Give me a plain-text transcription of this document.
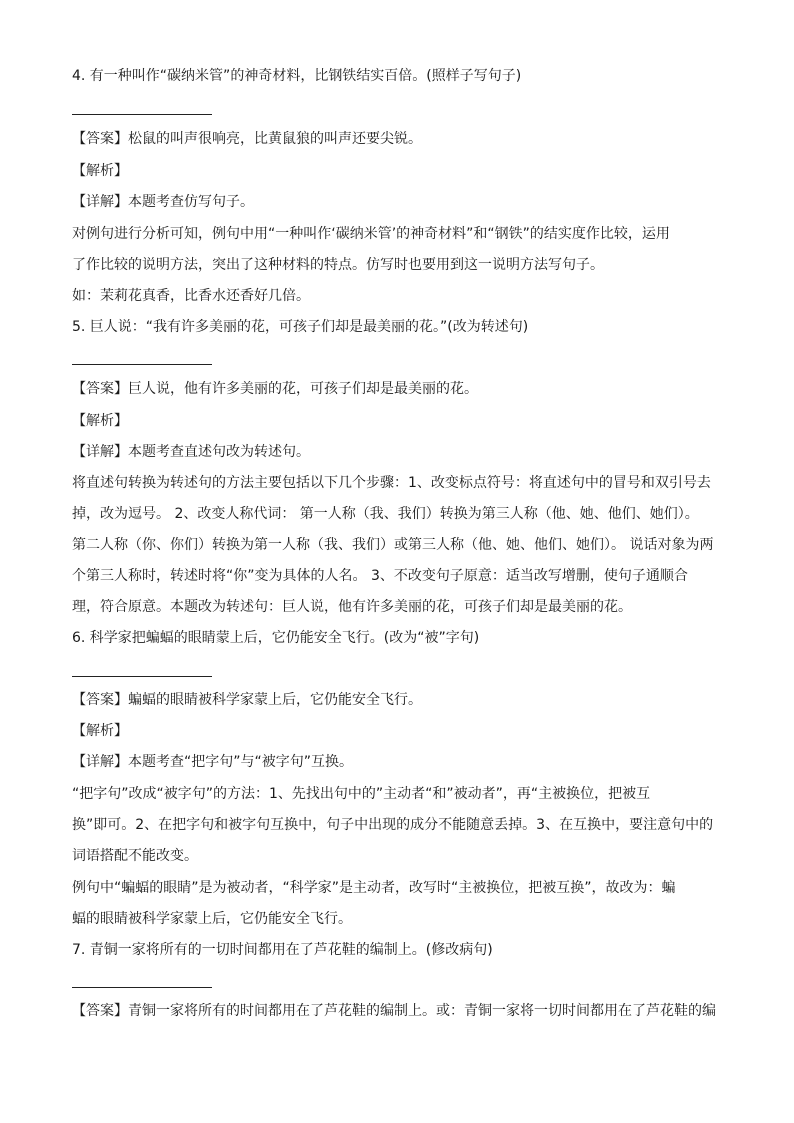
4. 有一种叫作“碳纳米管”的神奇材料，比钢铁结实百倍。(照样子写句子)
【答案】松鼠的叫声很响亮，比黄鼠狼的叫声还要尖锐。
【解析】
【详解】本题考查仿写句子。
对例句进行分析可知，例句中用“一种叫作‘碳纳米管’的神奇材料”和“钢铁”的结实度作比较，运用
了作比较的说明方法，突出了这种材料的特点。仿写时也要用到这一说明方法写句子。
如：茉莉花真香，比香水还香好几倍。
5. 巨人说：“我有许多美丽的花，可孩子们却是最美丽的花。”(改为转述句)
【答案】巨人说，他有许多美丽的花，可孩子们却是最美丽的花。
【解析】
【详解】本题考查直述句改为转述句。
将直述句转换为转述句的方法主要包括以下几个步骤：1、改变标点符号：将直述句中的冒号和双引号去
掉，改为逗号。 2、改变人称代词： 第一人称（我、我们）转换为第三人称（他、她、他们、她们）。
第二人称（你、你们）转换为第一人称（我、我们）或第三人称（他、她、他们、她们）。 说话对象为两
个第三人称时，转述时将“你”变为具体的人名。 3、不改变句子原意：适当改写增删，使句子通顺合
理，符合原意。本题改为转述句：巨人说，他有许多美丽的花，可孩子们却是最美丽的花。
6. 科学家把蝙蝠的眼睛蒙上后，它仍能安全飞行。(改为“被”字句)
【答案】蝙蝠的眼睛被科学家蒙上后，它仍能安全飞行。
【解析】
【详解】本题考查“把字句”与“被字句”互换。
“把字句”改成“被字句”的方法：1、先找出句中的”主动者“和”被动者”，再“主被换位，把被互
换”即可。2、在把字句和被字句互换中，句子中出现的成分不能随意丢掉。3、在互换中，要注意句中的
词语搭配不能改变。
例句中“蝙蝠的眼睛”是为被动者，“科学家”是主动者，改写时“主被换位，把被互换”，故改为：蝙
蝠的眼睛被科学家蒙上后，它仍能安全飞行。
7. 青铜一家将所有的一切时间都用在了芦花鞋的编制上。(修改病句)
【答案】青铜一家将所有的时间都用在了芦花鞋的编制上。或：青铜一家将一切时间都用在了芦花鞋的编
